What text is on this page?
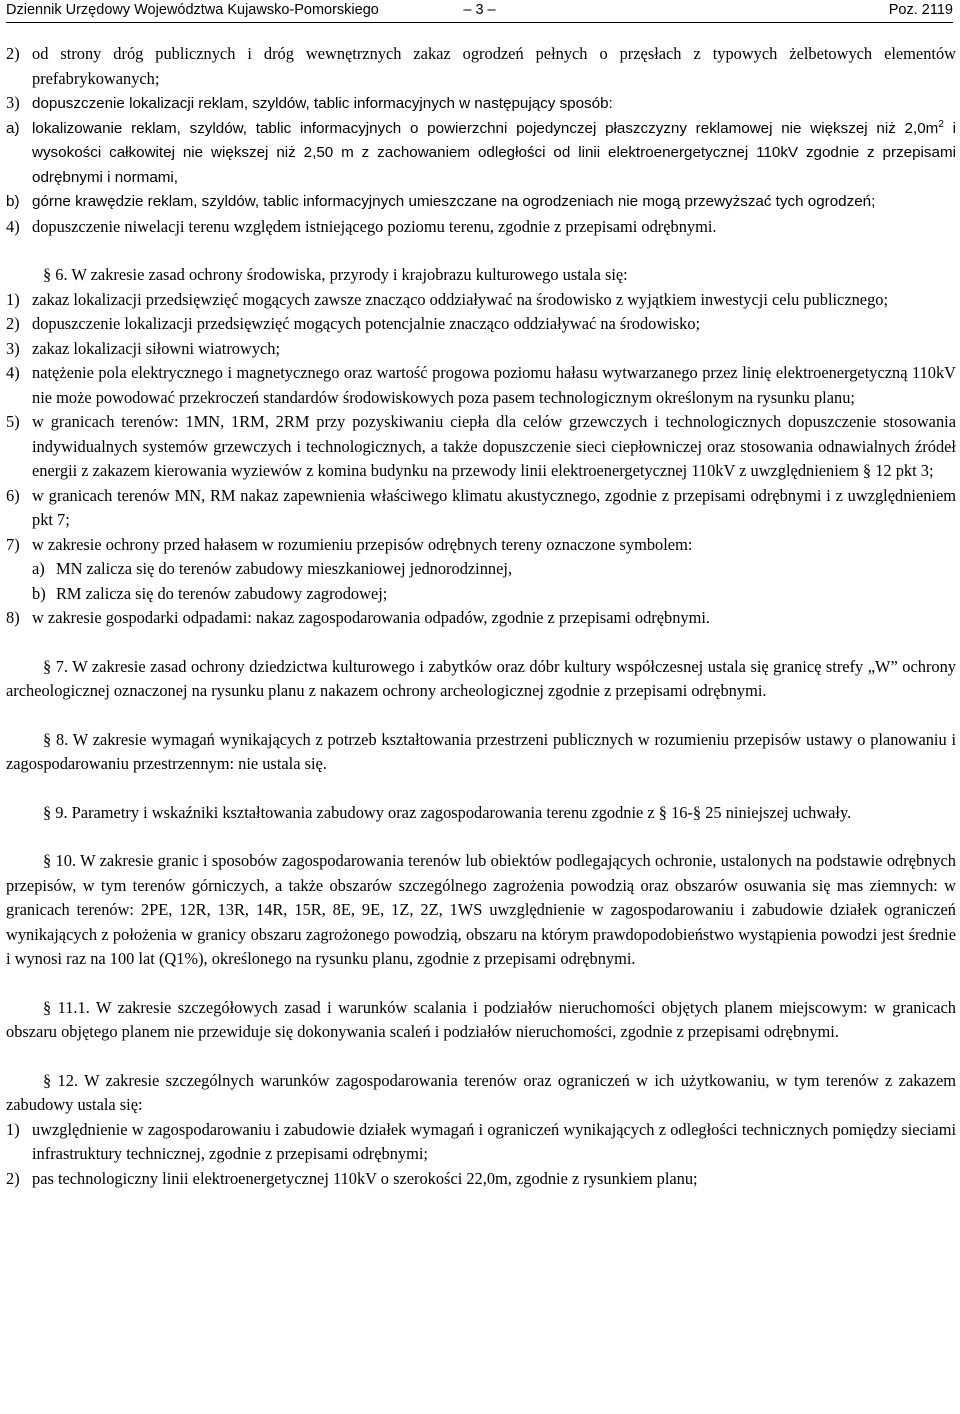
Dziennik Urzędowy Województwa Kujawsko-Pomorskiego	– 3 –	Poz. 2119
2) od strony dróg publicznych i dróg wewnętrznych zakaz ogrodzeń pełnych o przęsłach z typowych żelbetowych elementów prefabrykowanych;
3) dopuszczenie lokalizacji reklam, szyldów, tablic informacyjnych w następujący sposób:
a) lokalizowanie reklam, szyldów, tablic informacyjnych o powierzchni pojedynczej płaszczyzny reklamowej nie większej niż $2,0m^2$ i wysokości całkowitej nie większej niż 2,50 m z zachowaniem odległości od linii elektroenergetycznej 110kV zgodnie z przepisami odrębnymi i normami,
b) górne krawędzie reklam, szyldów, tablic informacyjnych umieszczane na ogrodzeniach nie mogą przewyższać tych ogrodzeń;
4) dopuszczenie niwelacji terenu względem istniejącego poziomu terenu, zgodnie z przepisami odrębnymi.
§ 6. W zakresie zasad ochrony środowiska, przyrody i krajobrazu kulturowego ustala się:
1) zakaz lokalizacji przedsięwzięć mogących zawsze znacząco oddziaływać na środowisko z wyjątkiem inwestycji celu publicznego;
2) dopuszczenie lokalizacji przedsięwzięć mogących potencjalnie znacząco oddziaływać na środowisko;
3) zakaz lokalizacji siłowni wiatrowych;
4) natężenie pola elektrycznego i magnetycznego oraz wartość progowa poziomu hałasu wytwarzanego przez linię elektroenergetyczną 110kV nie może powodować przekroczeń standardów środowiskowych poza pasem technologicznym określonym na rysunku planu;
5) w granicach terenów: 1MN, 1RM, 2RM przy pozyskiwaniu ciepła dla celów grzewczych i technologicznych dopuszczenie stosowania indywidualnych systemów grzewczych i technologicznych, a także dopuszczenie sieci ciepłowniczej oraz stosowania odnawialnych źródeł energii z zakazem kierowania wyziewów z komina budynku na przewody linii elektroenergetycznej 110kV z uwzględnieniem § 12 pkt 3;
6) w granicach terenów MN, RM nakaz zapewnienia właściwego klimatu akustycznego, zgodnie z przepisami odrębnymi i z uwzględnieniem pkt 7;
7) w zakresie ochrony przed hałasem w rozumieniu przepisów odrębnych tereny oznaczone symbolem:
a) MN zalicza się do terenów zabudowy mieszkaniowej jednorodzinnej,
b) RM zalicza się do terenów zabudowy zagrodowej;
8) w zakresie gospodarki odpadami: nakaz zagospodarowania odpadów, zgodnie z przepisami odrębnymi.
§ 7. W zakresie zasad ochrony dziedzictwa kulturowego i zabytków oraz dóbr kultury współczesnej ustala się granicę strefy „W” ochrony archeologicznej oznaczonej na rysunku planu z nakazem ochrony archeologicznej zgodnie z przepisami odrębnymi.
§ 8. W zakresie wymagań wynikających z potrzeb kształtowania przestrzeni publicznych w rozumieniu przepisów ustawy o planowaniu i zagospodarowaniu przestrzennym: nie ustala się.
§ 9. Parametry i wskaźniki kształtowania zabudowy oraz zagospodarowania terenu zgodnie z § 16-§ 25 niniejszej uchwały.
§ 10. W zakresie granic i sposobów zagospodarowania terenów lub obiektów podlegających ochronie, ustalonych na podstawie odrębnych przepisów, w tym terenów górniczych, a także obszarów szczególnego zagrożenia powodzią oraz obszarów osuwania się mas ziemnych: w granicach terenów: 2PE, 12R, 13R, 14R, 15R, 8E, 9E, 1Z, 2Z, 1WS uwzględnienie w zagospodarowaniu i zabudowie działek ograniczeń wynikających z położenia w granicy obszaru zagrożonego powodzią, obszaru na którym prawdopodobieństwo wystąpienia powodzi jest średnie i wynosi raz na 100 lat (Q1%), określonego na rysunku planu, zgodnie z przepisami odrębnymi.
§ 11.1. W zakresie szczegółowych zasad i warunków scalania i podziałów nieruchomości objętych planem miejscowym: w granicach obszaru objętego planem nie przewiduje się dokonywania scaleń i podziałów nieruchomości, zgodnie z przepisami odrębnymi.
§ 12. W zakresie szczególnych warunków zagospodarowania terenów oraz ograniczeń w ich użytkowaniu, w tym terenów z zakazem zabudowy ustala się:
1) uwzględnienie w zagospodarowaniu i zabudowie działek wymagań i ograniczeń wynikających z odległości technicznych pomiędzy sieciami infrastruktury technicznej, zgodnie z przepisami odrębnymi;
2) pas technologiczny linii elektroenergetycznej 110kV o szerokości 22,0m, zgodnie z rysunkiem planu;
